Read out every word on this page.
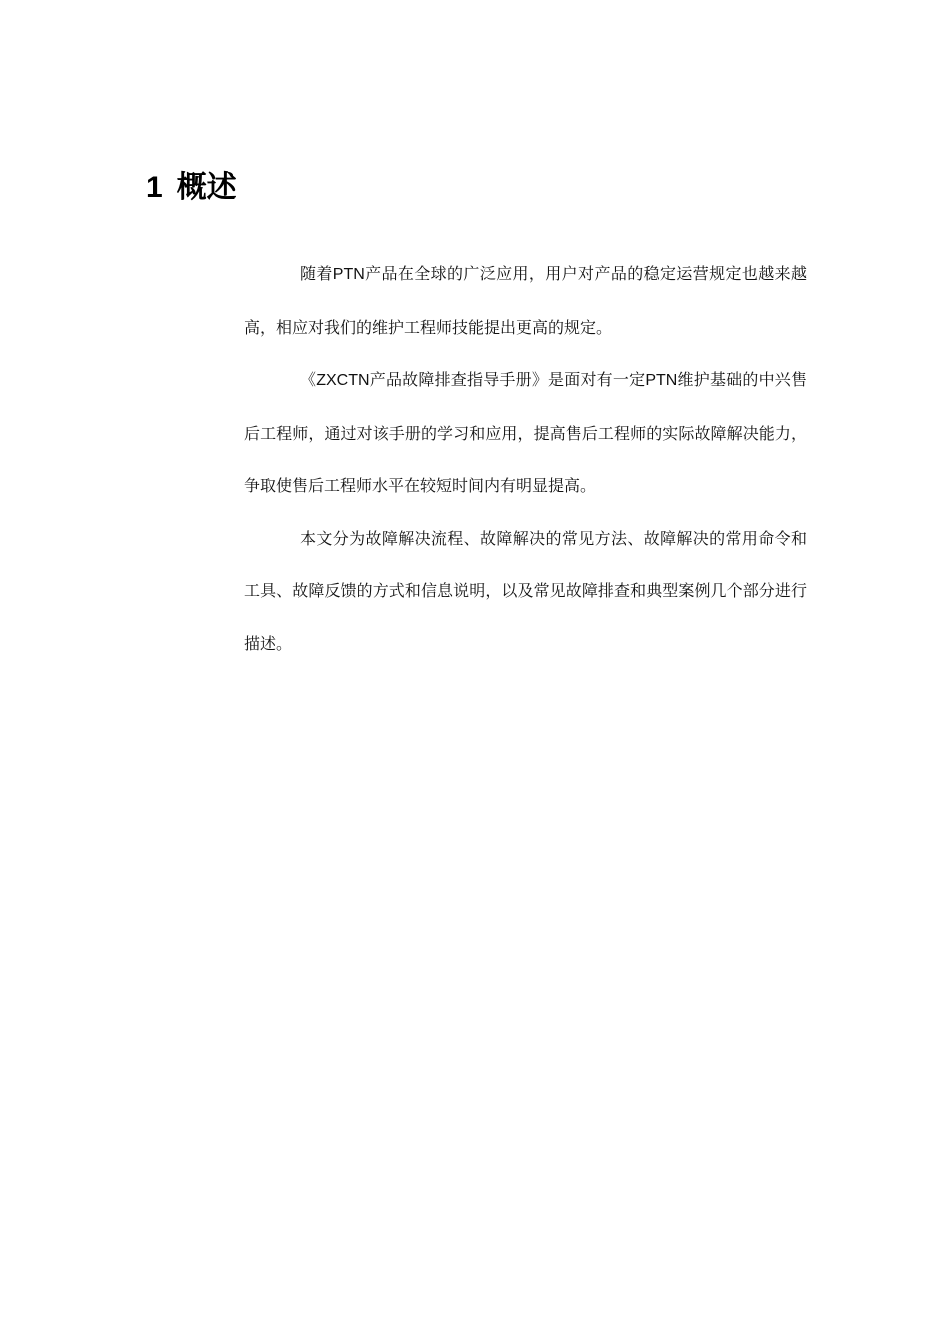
1 概述

随着PTN产品在全球的广泛应用，用户对产品的稳定运营规定也越来越高，相应对我们的维护工程师技能提出更高的规定。

《ZXCTN产品故障排查指导手册》是面对有一定PTN维护基础的中兴售后工程师，通过对该手册的学习和应用，提高售后工程师的实际故障解决能力，争取使售后工程师水平在较短时间内有明显提高。

本文分为故障解决流程、故障解决的常见方法、故障解决的常用命令和工具、故障反馈的方式和信息说明，以及常见故障排查和典型案例几个部分进行描述。
